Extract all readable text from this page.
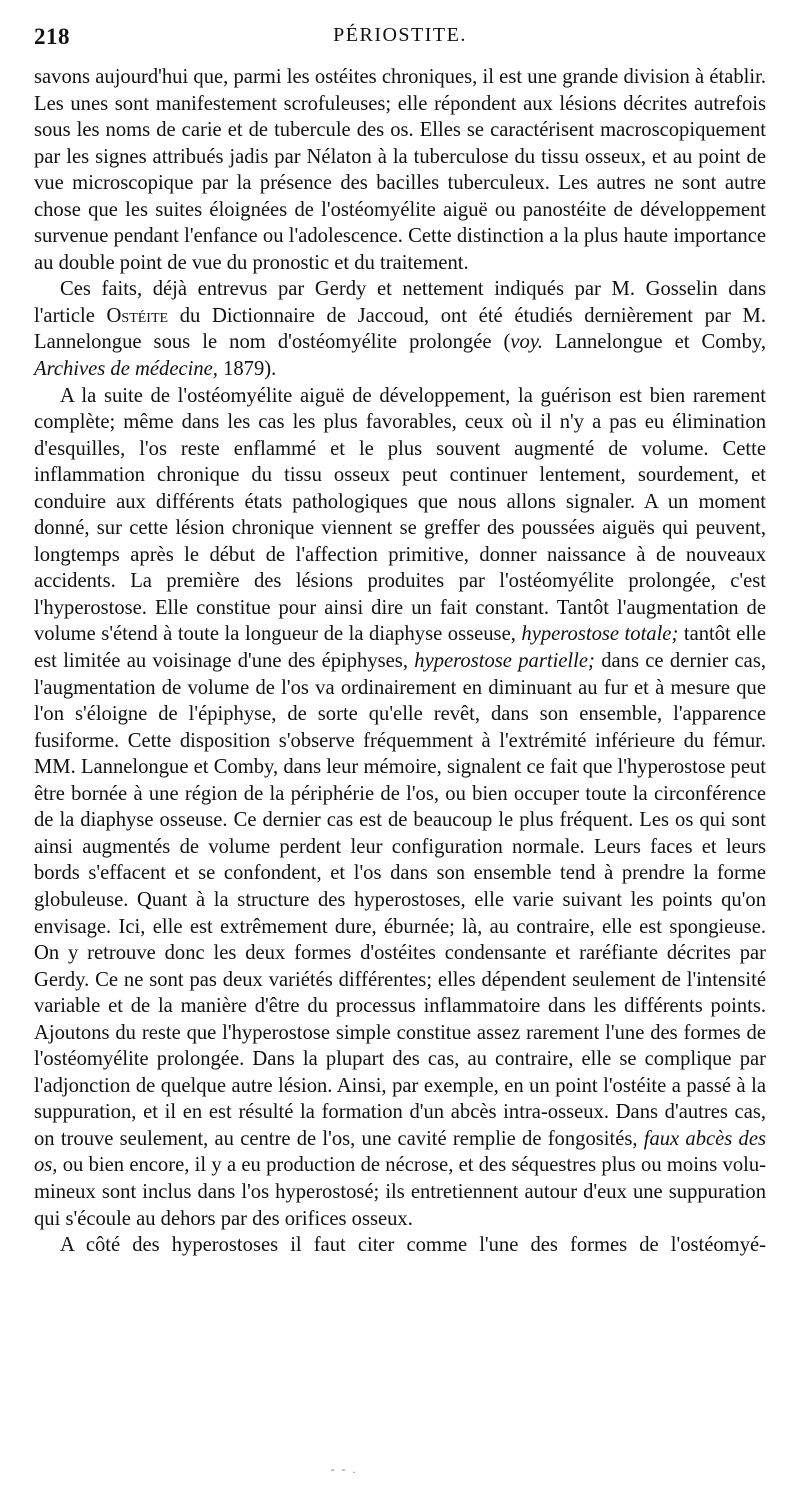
218	PÉRIOSTITE.

savons aujourd'hui que, parmi les ostéites chroniques, il est une grande division à établir. Les unes sont manifestement scrofuleuses; elle répondent aux lésions décrites autrefois sous les noms de carie et de tubercule des os. Elles se caractérisent macroscopiquement par les signes attribués jadis par Nélaton à la tuberculose du tissu osseux, et au point de vue microscopique par la présence des bacilles tuberculeux. Les autres ne sont autre chose que les suites éloignées de l'ostéomyélite aiguë ou panostéite de développement survenue pendant l'enfance ou l'adolescence. Cette distinction a la plus haute importance au double point de vue du pronostic et du traitement.

Ces faits, déjà entrevus par Gerdy et nettement indiqués par M. Gosselin dans l'article Ostéite du Dictionnaire de Jaccoud, ont été étudiés dernièrement par M. Lannelongue sous le nom d'ostéomyélite prolongée (voy. Lannelongue et Comby, Archives de médecine, 1879).

A la suite de l'ostéomyélite aiguë de développement, la guérison est bien rarement complète; même dans les cas les plus favorables, ceux où il n'y a pas eu élimination d'esquilles, l'os reste enflammé et le plus souvent augmenté de volume. Cette inflammation chronique du tissu osseux peut continuer lentement, sourdement, et conduire aux différents états pathologiques que nous allons signaler. A un moment donné, sur cette lésion chronique viennent se greffer des poussées aiguës qui peuvent, longtemps après le début de l'affection primitive, donner naissance à de nouveaux accidents. La première des lésions produites par l'ostéomyélite prolongée, c'est l'hyperostose. Elle constitue pour ainsi dire un fait constant. Tantôt l'augmentation de volume s'étend à toute la longueur de la diaphyse osseuse, hyperostose totale; tantôt elle est limitée au voisinage d'une des épiphyses, hyperostose partielle; dans ce dernier cas, l'augmentation de volume de l'os va ordinairement en diminuant au fur et à mesure que l'on s'éloigne de l'épiphyse, de sorte qu'elle revêt, dans son ensemble, l'apparence fusiforme. Cette disposition s'observe fréquemment à l'extrémité inférieure du fémur. MM. Lannelongue et Comby, dans leur mémoire, signalent ce fait que l'hyperostose peut être bornée à une région de la périphérie de l'os, ou bien occuper toute la circonférence de la diaphyse osseuse. Ce dernier cas est de beaucoup le plus fréquent. Les os qui sont ainsi augmentés de volume perdent leur configuration normale. Leurs faces et leurs bords s'effacent et se confondent, et l'os dans son ensemble tend à prendre la forme globuleuse. Quant à la structure des hyperostoses, elle varie suivant les points qu'on envisage. Ici, elle est extrêmement dure, éburnée; là, au contraire, elle est spongieuse. On y retrouve donc les deux formes d'ostéites condensante et raréfiante décrites par Gerdy. Ce ne sont pas deux variétés différentes; elles dépendent seulement de l'intensité variable et de la manière d'être du processus inflammatoire dans les différents points. Ajoutons du reste que l'hyperostose simple constitue assez rarement l'une des formes de l'ostéomyélite prolongée. Dans la plupart des cas, au contraire, elle se complique par l'adjonction de quelque autre lésion. Ainsi, par exemple, en un point l'ostéite a passé à la suppuration, et il en est résulté la formation d'un abcès intra-osseux. Dans d'autres cas, on trouve seulement, au centre de l'os, une cavité remplie de fongosités, faux abcès des os, ou bien encore, il y a eu production de nécrose, et des séquestres plus ou moins volumineux sont inclus dans l'os hyperostosé; ils entretiennent autour d'eux une suppuration qui s'écoule au dehors par des orifices osseux.

A côté des hyperostoses il faut citer comme l'une des formes de l'ostéomyé-

- - .
